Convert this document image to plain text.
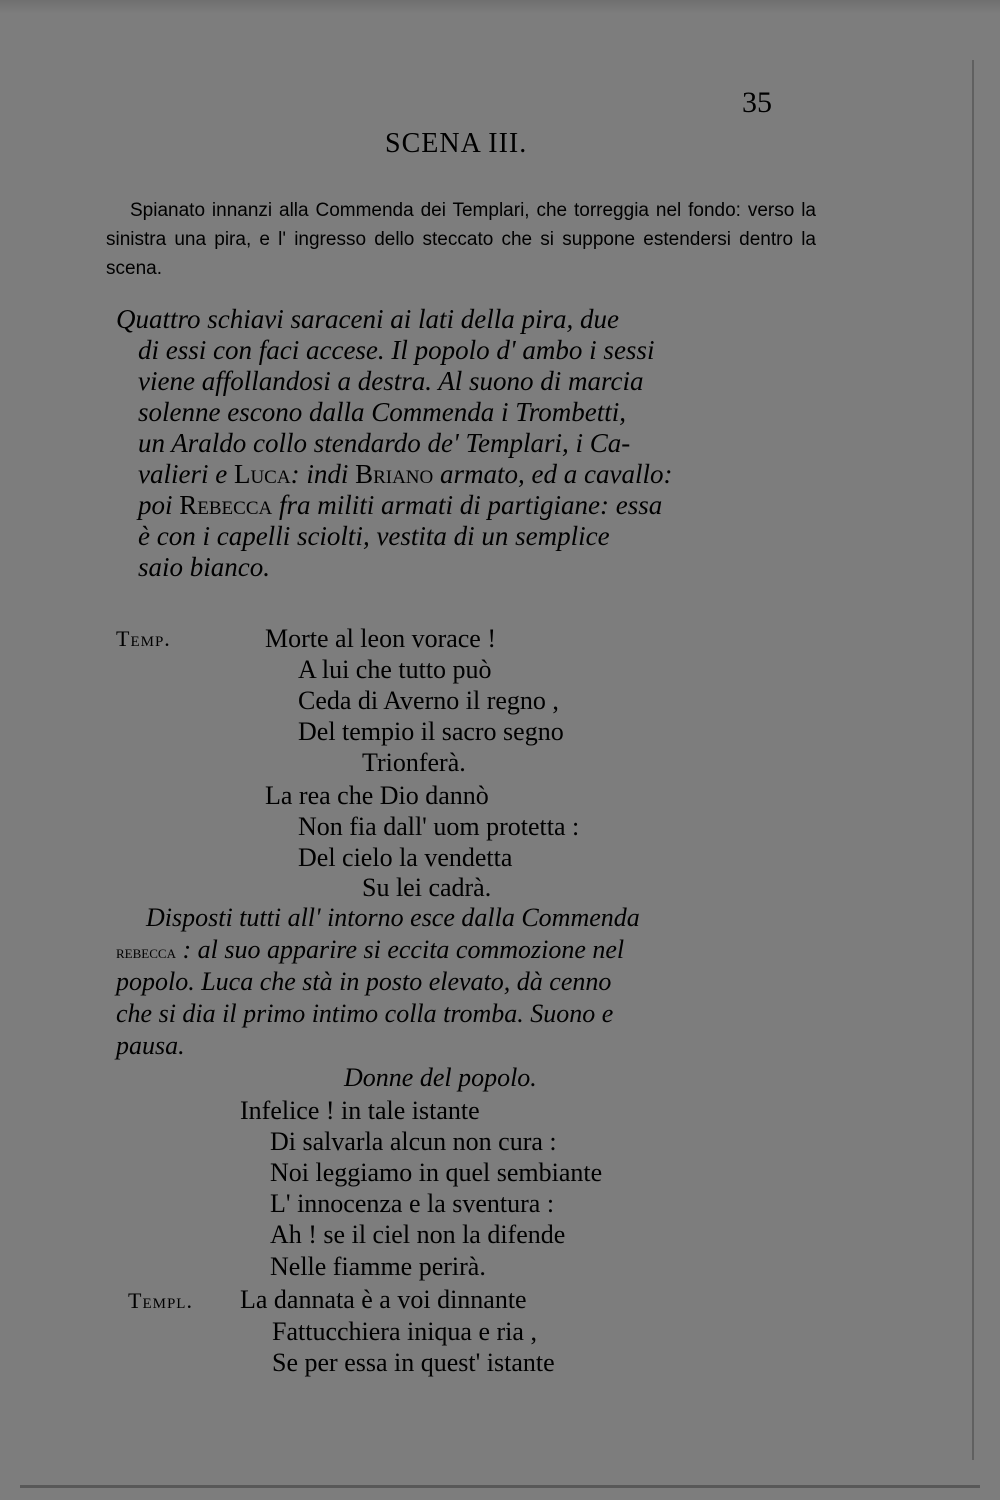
35
SCENA III.
Spianato innanzi alla Commenda dei Templari, che torreggia nel fondo: verso la sinistra una pira, e l' ingresso dello steccato che si suppone estendersi dentro la scena.
Quattro schiavi saraceni ai lati della pira, due
di essi con faci accese. Il popolo d' ambo i sessi
viene affollandosi a destra. Al suono di marcia
solenne escono dalla Commenda i Trombetti,
un Araldo collo stendardo de' Templari, i Ca-
valieri e Luca: indi Briano armato, ed a cavallo:
poi Rebecca fra militi armati di partigiane: essa
è con i capelli sciolti, vestita di un semplice
saio bianco.
Temp.	Morte al leon vorace !
A lui che tutto può
Ceda di Averno il regno ,
Del tempio il sacro segno
Trionferà.
La rea che Dio dannò
Non fia dall' uom protetta :
Del cielo la vendetta
Su lei cadrà.
Disposti tutti all' intorno esce dalla Commenda
rebecca : al suo apparire si eccita commozione nel
popolo. Luca che stà in posto elevato, dà cenno
che si dia il primo intimo colla tromba. Suono e
pausa.
Donne del popolo.
Infelice ! in tale istante
Di salvarla alcun non cura :
Noi leggiamo in quel sembiante
L' innocenza e la sventura :
Ah ! se il ciel non la difende
Nelle fiamme perirà.
Templ. La dannata è a voi dinnante
Fattucchiera iniqua e ria ,
Se per essa in quest' istante
